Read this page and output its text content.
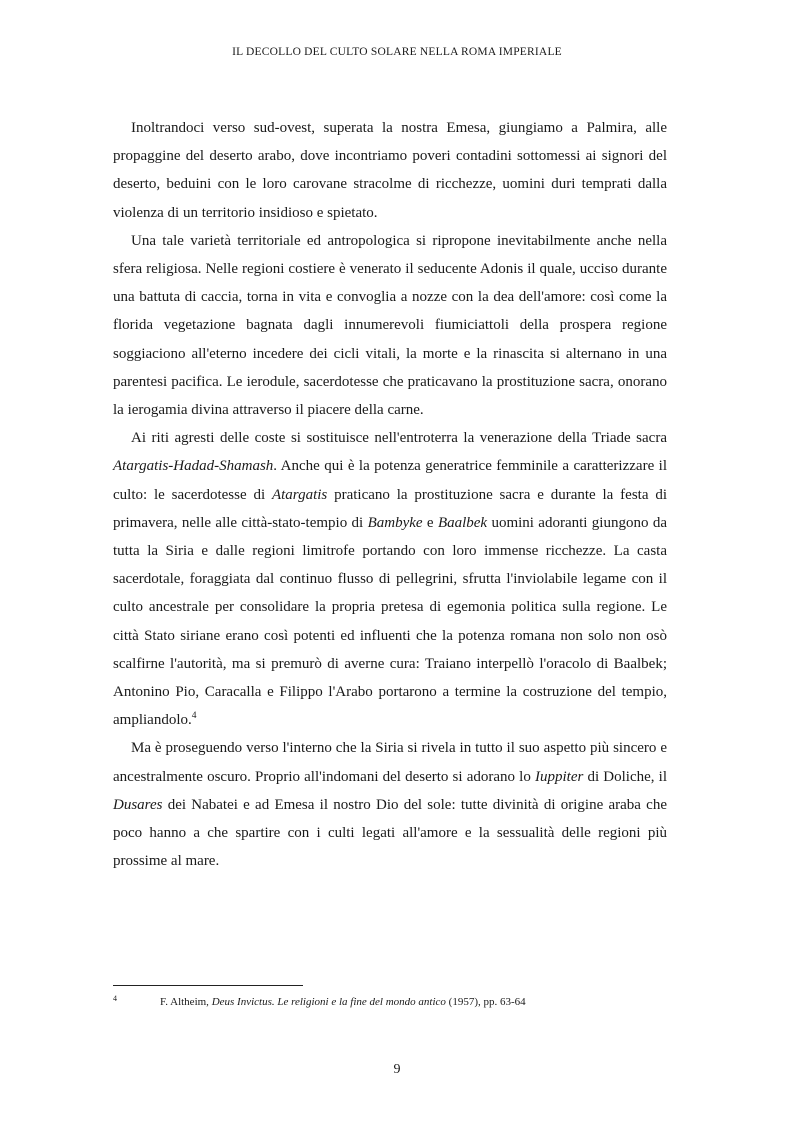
IL DECOLLO DEL CULTO SOLARE NELLA ROMA IMPERIALE

Inoltrandoci verso sud-ovest, superata la nostra Emesa, giungiamo a Palmira, alle propaggine del deserto arabo, dove incontriamo poveri contadini sottomessi ai signori del deserto, beduini con le loro carovane stracolme di ricchezze, uomini duri temprati dalla violenza di un territorio insidioso e spietato.

Una tale varietà territoriale ed antropologica si ripropone inevitabilmente anche nella sfera religiosa. Nelle regioni costiere è venerato il seducente Adonis il quale, ucciso durante una battuta di caccia, torna in vita e convoglia a nozze con la dea dell'amore: così come la florida vegetazione bagnata dagli innumerevoli fiumiciattoli della prospera regione soggiaciono all'eterno incedere dei cicli vitali, la morte e la rinascita si alternano in una parentesi pacifica. Le ierodule, sacerdotesse che praticavano la prostituzione sacra, onorano la ierogamia divina attraverso il piacere della carne.

Ai riti agresti delle coste si sostituisce nell'entroterra la venerazione della Triade sacra Atargatis-Hadad-Shamash. Anche qui è la potenza generatrice femminile a caratterizzare il culto: le sacerdotesse di Atargatis praticano la prostituzione sacra e durante la festa di primavera, nelle alle città-stato-tempio di Bambyke e Baalbek uomini adoranti giungono da tutta la Siria e dalle regioni limitrofe portando con loro immense ricchezze. La casta sacerdotale, foraggiata dal continuo flusso di pellegrini, sfrutta l'inviolabile legame con il culto ancestrale per consolidare la propria pretesa di egemonia politica sulla regione. Le città Stato siriane erano così potenti ed influenti che la potenza romana non solo non osò scalfirne l'autorità, ma si premurò di averne cura: Traiano interpellò l'oracolo di Baalbek; Antonino Pio, Caracalla e Filippo l'Arabo portarono a termine la costruzione del tempio, ampliandolo.$^4$

Ma è proseguendo verso l'interno che la Siria si rivela in tutto il suo aspetto più sincero e ancestralmente oscuro. Proprio all'indomani del deserto si adorano lo Iuppiter di Doliche, il Dusares dei Nabatei e ad Emesa il nostro Dio del sole: tutte divinità di origine araba che poco hanno a che spartire con i culti legati all'amore e la sessualità delle regioni più prossime al mare.

4	F. Altheim, Deus Invictus. Le religioni e la fine del mondo antico (1957), pp. 63-64
9
